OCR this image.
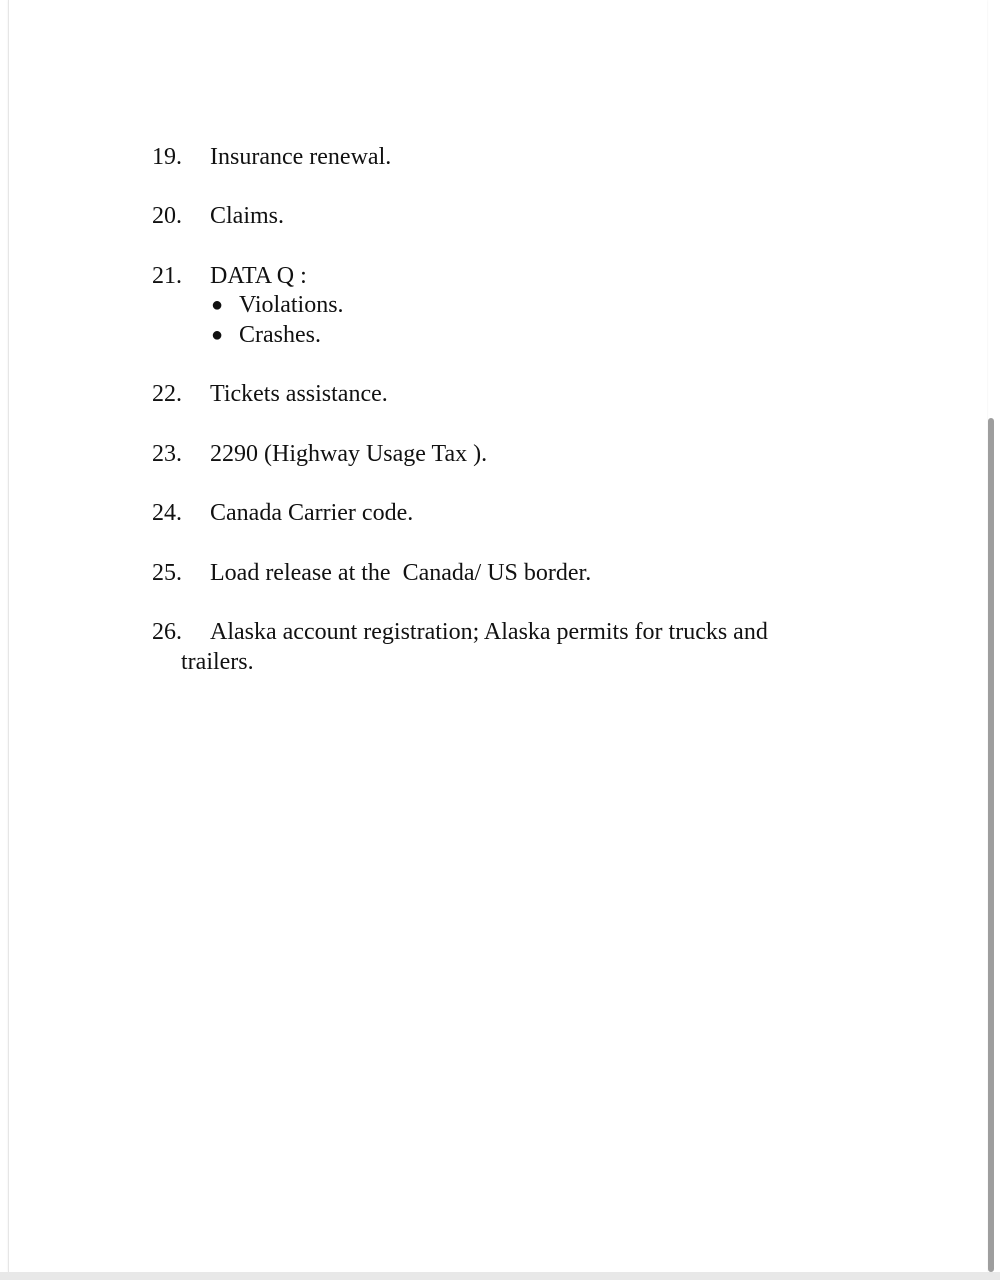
19. Insurance renewal.
20. Claims.
21. DATA Q :
● Violations.
● Crashes.
22. Tickets assistance.
23. 2290 (Highway Usage Tax ).
24. Canada Carrier code.
25. Load release at the  Canada/ US border.
26. Alaska account registration; Alaska permits for trucks and
trailers.
